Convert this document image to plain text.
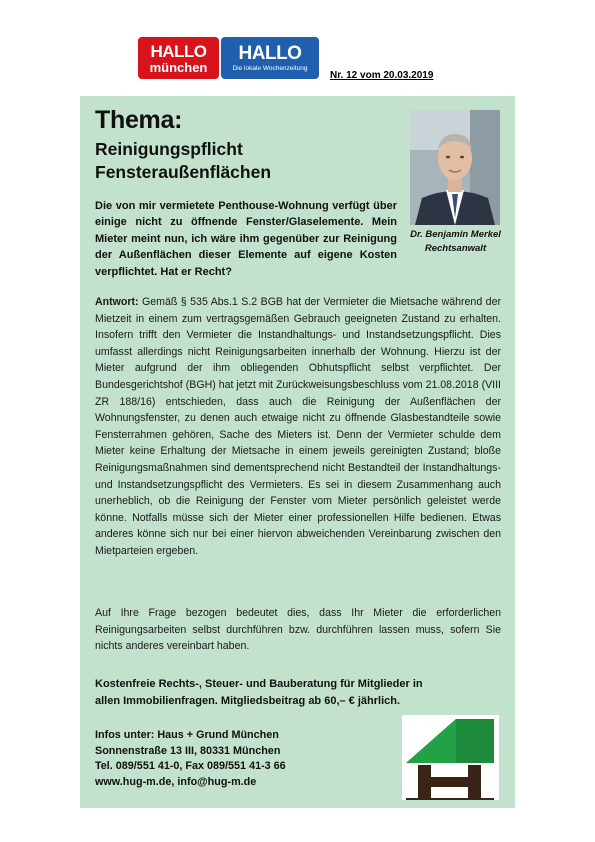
HALLO
münchen
HALLO
Die lokale Wochenzeitung
Nr. 12 vom 20.03.2019
Thema:
Reinigungspflicht
Fensteraußenflächen
Dr. Benjamin Merkel
Rechtsanwalt
Die von mir vermietete Penthouse-Wohnung verfügt über einige nicht zu öffnende Fenster/Glaselemente. Mein Mieter meint nun, ich wäre ihm gegenüber zur Reinigung der Außenflächen dieser Elemente auf eigene Kosten verpflichtet. Hat er Recht?
Antwort: Gemäß § 535 Abs.1 S.2 BGB hat der Vermieter die Mietsache während der Mietzeit in einem zum vertragsgemäßen Gebrauch geeigneten Zustand zu erhalten. Insofern trifft den Vermieter die Instandhaltungs- und Instandsetzungspflicht. Dies umfasst allerdings nicht Reinigungsarbeiten innerhalb der Wohnung. Hierzu ist der Mieter aufgrund der ihm obliegenden Obhutspflicht selbst verpflichtet. Der Bundesgerichtshof (BGH) hat jetzt mit Zurückweisungsbeschluss vom 21.08.2018 (VIII ZR 188/16) entschieden, dass auch die Reinigung der Außenflächen der Wohnungsfenster, zu denen auch etwaige nicht zu öffnende Glasbestandteile sowie Fensterrahmen gehören, Sache des Mieters ist. Denn der Vermieter schulde dem Mieter keine Erhaltung der Mietsache in einem jeweils gereinigten Zustand; bloße Reinigungsmaßnahmen sind dementsprechend nicht Bestandteil der Instandhaltungs- und Instandsetzungspflicht des Vermieters. Es sei in diesem Zusammenhang auch unerheblich, ob die Reinigung der Fenster vom Mieter persönlich geleistet werde könne. Notfalls müsse sich der Mieter einer professionellen Hilfe bedienen. Etwas anderes könne sich nur bei einer hiervon abweichenden Vereinbarung zwischen den Mietparteien ergeben.
Auf Ihre Frage bezogen bedeutet dies, dass Ihr Mieter die erforderlichen Reinigungsarbeiten selbst durchführen bzw. durchführen lassen muss, sofern Sie nichts anderes vereinbart haben.
Kostenfreie Rechts-, Steuer- und Bauberatung für Mitglieder in
allen Immobilienfragen. Mitgliedsbeitrag ab 60,– € jährlich.
Infos unter: Haus + Grund München
Sonnenstraße 13 III, 80331 München
Tel. 089/551 41-0, Fax 089/551 41-3 66
www.hug-m.de, info@hug-m.de
